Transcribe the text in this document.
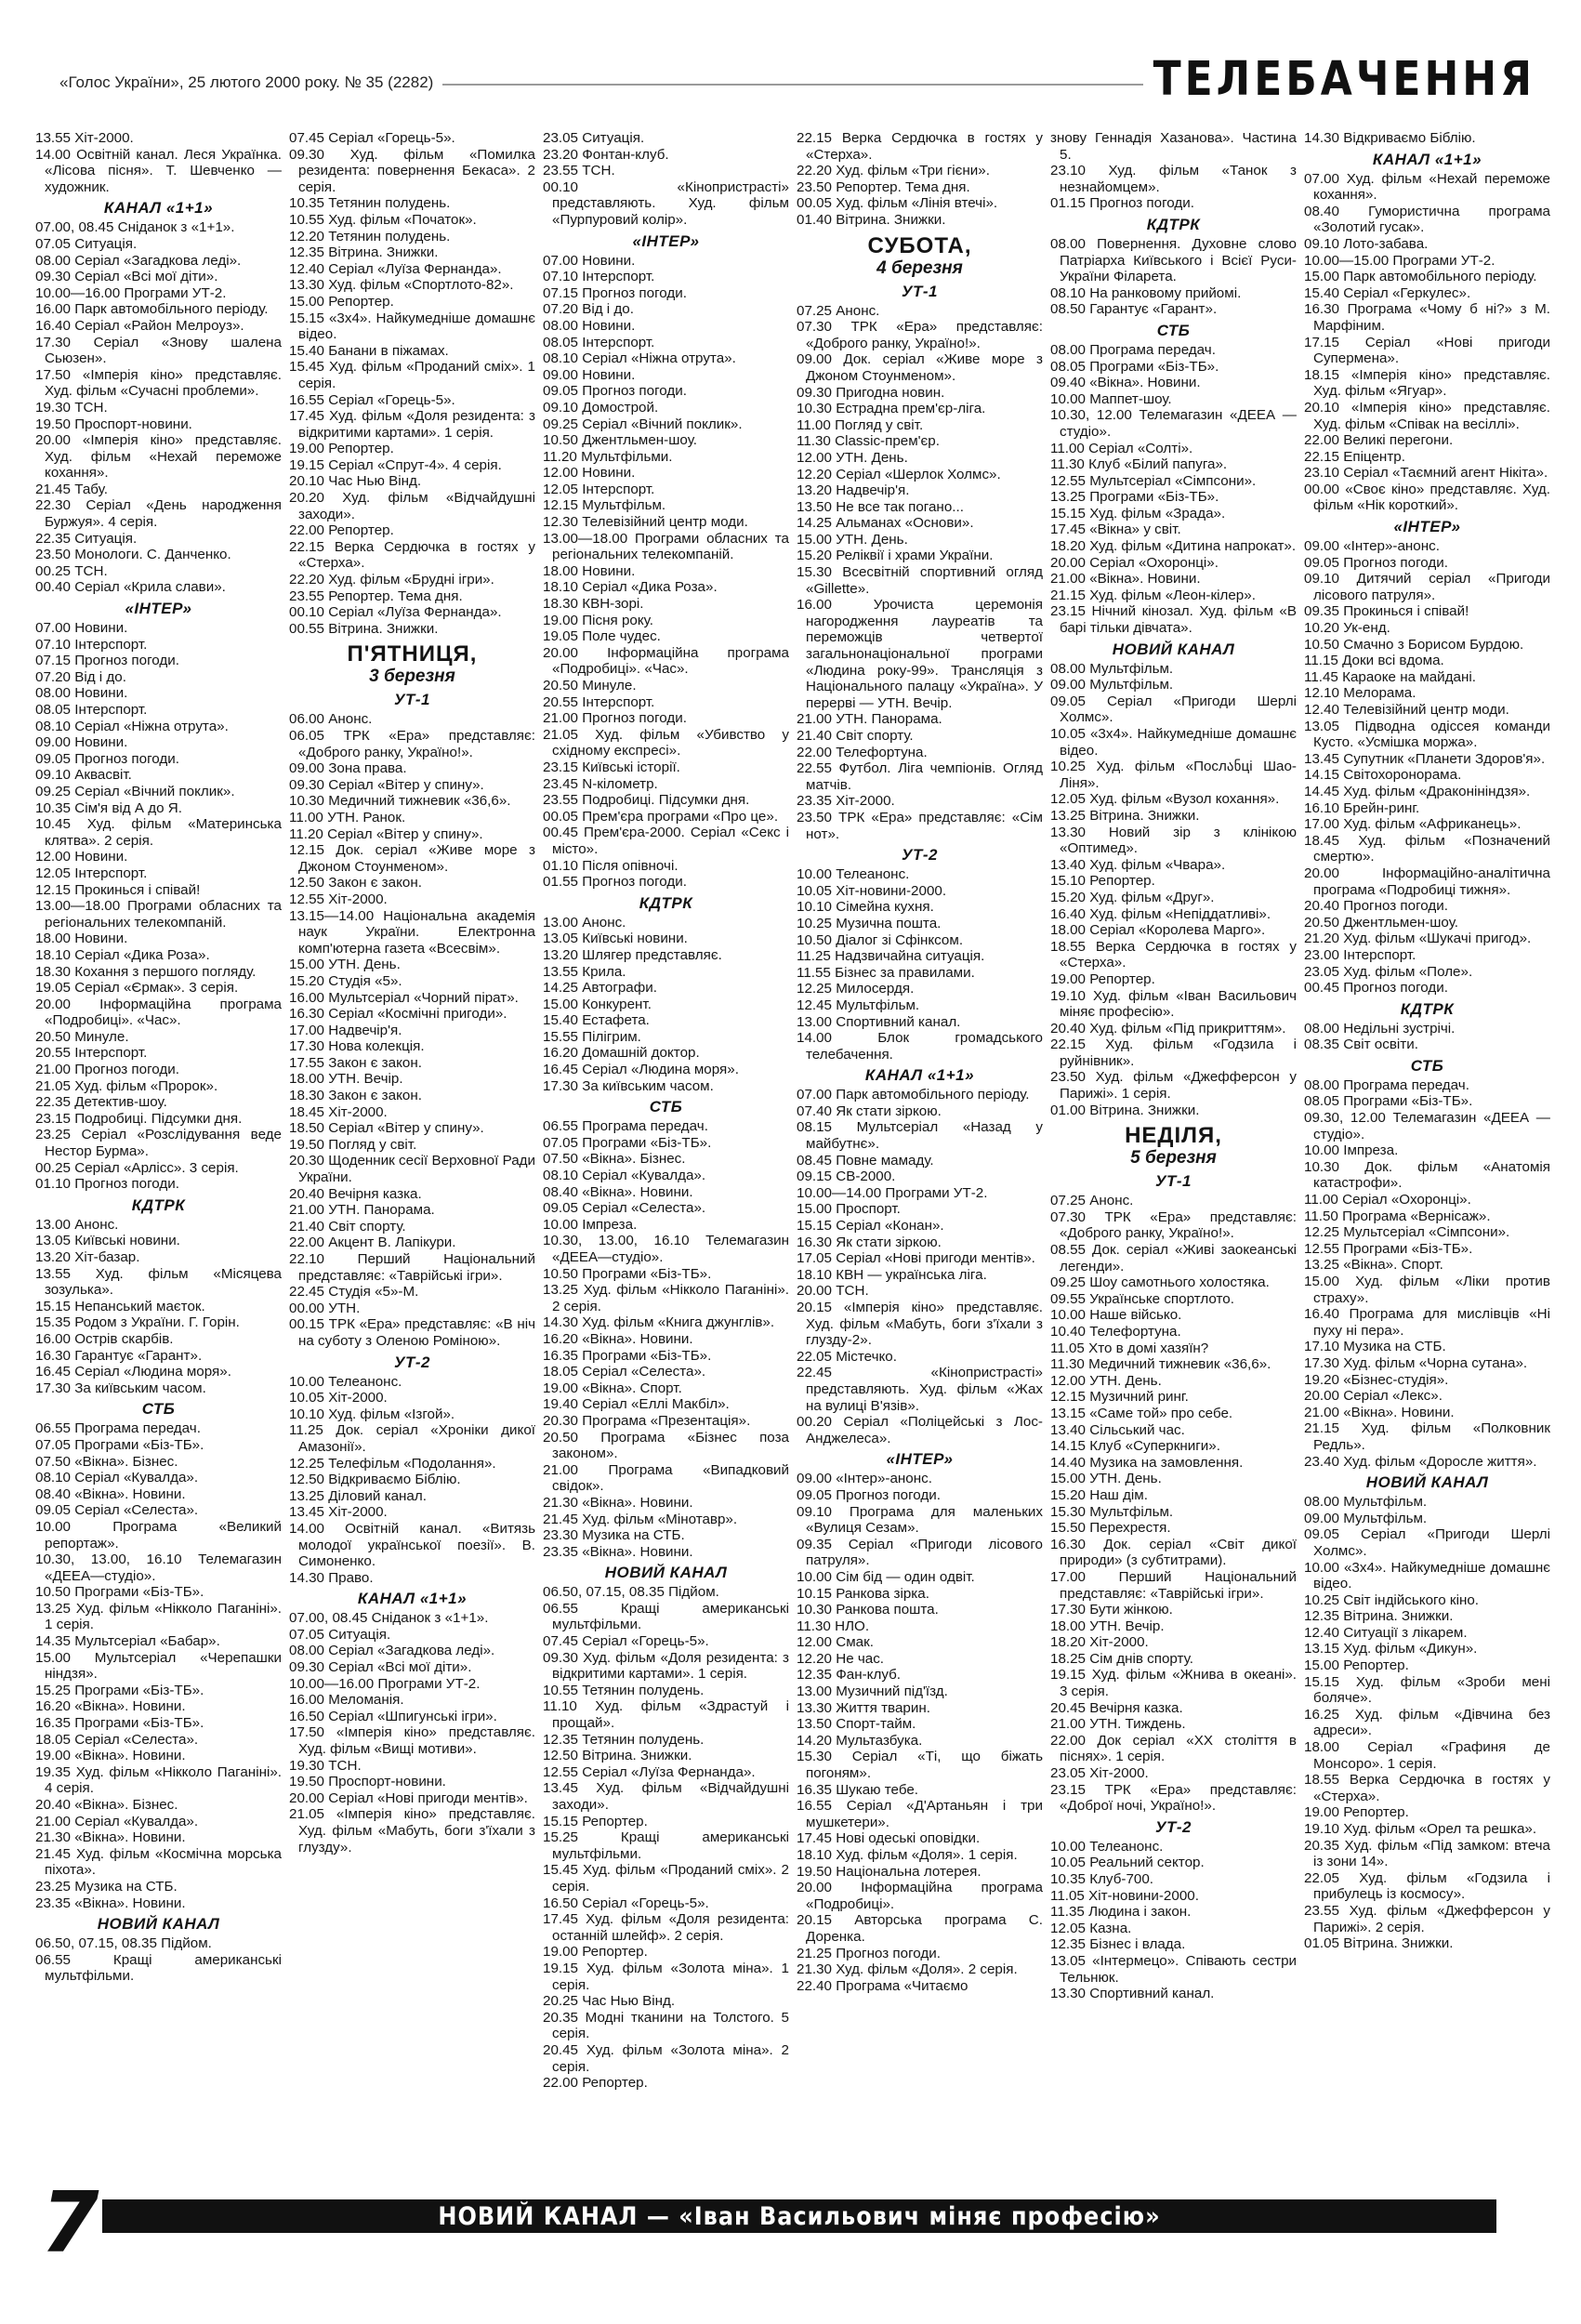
«Голос України», 25 лютого 2000 року. № 35 (2282)	ТЕЛЕБАЧЕННЯ
13.55 Хіт-2000.
14.00 Освітній канал. Леся Українка. «Лісова пісня». Т. Шевченко — художник.
КАНАЛ «1+1»
07.00, 08.45 Сніданок з «1+1».
07.05 Ситуація.
08.00 Серіал «Загадкова леді».
09.30 Серіал «Всі мої діти».
10.00—16.00 Програми УТ-2.
16.00 Парк автомобільного періоду.
16.40 Серіал «Район Мелроуз».
17.30 Серіал «Знову шалена Сьюзен».
17.50 «Імперія кіно» представляє. Худ. фільм «Сучасні проблеми».
19.30 ТСН.
19.50 Проспорт-новини.
20.00 «Імперія кіно» представляє. Худ. фільм «Нехай переможе кохання».
21.45 Табу.
22.30 Серіал «День народження Буржуя». 4 серія.
22.35 Ситуація.
23.50 Монологи. С. Данченко.
00.25 ТСН.
00.40 Серіал «Крила слави».
«ІНТЕР»
07.00 Новини.
07.10 Інтерспорт.
07.15 Прогноз погоди.
07.20 Від і до.
08.00 Новини.
08.05 Інтерспорт.
08.10 Серіал «Ніжна отрута».
09.00 Новини.
09.05 Прогноз погоди.
09.10 Аквасвіт.
09.25 Серіал «Вічний поклик».
10.35 Сім'я від А до Я.
10.45 Худ. фільм «Материнська клятва». 2 серія.
12.00 Новини.
12.05 Інтерспорт.
12.15 Прокинься і співай!
13.00—18.00 Програми обласних та регіональних телекомпаній.
18.00 Новини.
18.10 Серіал «Дика Роза».
18.30 Кохання з першого погляду.
19.05 Серіал «Єрмак». 3 серія.
20.00 Інформаційна програма «Подробиці». «Час».
20.50 Минуле.
20.55 Інтерспорт.
21.00 Прогноз погоди.
21.05 Худ. фільм «Пророк».
22.35 Детектив-шоу.
23.15 Подробиці. Підсумки дня.
23.25 Серіал «Розслідування веде Нестор Бурма».
00.25 Серіал «Арлісс». 3 серія.
01.10 Прогноз погоди.
КДТРК
13.00 Анонс.
13.05 Київські новини.
13.20 Хіт-базар.
13.55 Худ. фільм «Місяцева зозулька».
15.15 Непанський маєток.
15.35 Родом з України. Г. Горін.
16.00 Острів скарбів.
16.30 Гарантує «Гарант».
16.45 Серіал «Людина моря».
17.30 За київським часом.
СТБ
06.55 Програма передач.
07.05 Програми «Біз-ТБ».
07.50 «Вікна». Бізнес.
08.10 Серіал «Кувалда».
08.40 «Вікна». Новини.
09.05 Серіал «Селеста».
10.00 Програма «Великий репортаж».
10.30, 13.00, 16.10 Телемагазин «ДЕЕА—студіо».
10.50 Програми «Біз-ТБ».
13.25 Худ. фільм «Нікколо Паганіні». 1 серія.
14.35 Мультсеріал «Бабар».
15.00 Мультсеріал «Черепашки ніндзя».
15.25 Програми «Біз-ТБ».
16.20 «Вікна». Новини.
16.35 Програми «Біз-ТБ».
18.05 Серіал «Селеста».
19.00 «Вікна». Новини.
19.35 Худ. фільм «Нікколо Паганіні». 4 серія.
20.40 «Вікна». Бізнес.
21.00 Серіал «Кувалда».
21.30 «Вікна». Новини.
21.45 Худ. фільм «Космічна морська піхота».
23.25 Музика на СТБ.
23.35 «Вікна». Новини.
НОВИЙ КАНАЛ
06.50, 07.15, 08.35 Підйом.
06.55 Кращі американські мультфільми.
07.45 Серіал «Горець-5».
09.30 Худ. фільм «Помилка резидента: повернення Бекаса». 2 серія.
10.35 Тетянин полудень.
10.55 Худ. фільм «Початок».
12.20 Тетянин полудень.
12.35 Вітрина. Знижки.
12.40 Серіал «Луїза Фернанда».
13.30 Худ. фільм «Спортлото-82».
15.00 Репортер.
15.15 «3х4». Найкумедніше домашнє відео.
15.40 Банани в піжамах.
15.45 Худ. фільм «Проданий сміх». 1 серія.
16.55 Серіал «Горець-5».
17.45 Худ. фільм «Доля резидента: з відкритими картами». 1 серія.
19.00 Репортер.
19.15 Серіал «Спрут-4». 4 серія.
20.10 Час Нью Вінд.
20.20 Худ. фільм «Відчайдушні заходи».
22.00 Репортер.
22.15 Верка Сердючка в гостях у «Стерха».
22.20 Худ. фільм «Брудні ігри».
23.55 Репортер. Тема дня.
00.10 Серіал «Луїза Фернанда».
00.55 Вітрина. Знижки.
П'ЯТНИЦЯ,
3 березня
УТ-1
06.00 Анонс.
06.05 ТРК «Ера» представляє: «Доброго ранку, Україно!».
09.00 Зона права.
09.30 Серіал «Вітер у спину».
10.30 Медичний тижневик «36,6».
11.00 УТН. Ранок.
11.20 Серіал «Вітер у спину».
12.15 Док. серіал «Живе море з Джоном Стоунменом».
12.50 Закон є закон.
12.55 Хіт-2000.
13.15—14.00 Національна академія наук України. Електронна комп'ютерна газета «Всесвім».
15.00 УТН. День.
15.20 Студія «5».
16.00 Мультсеріал «Чорний пірат».
16.30 Серіал «Космічні пригоди».
17.00 Надвечір'я.
17.30 Нова колекція.
17.55 Закон є закон.
18.00 УТН. Вечір.
18.30 Закон є закон.
18.45 Хіт-2000.
18.50 Серіал «Вітер у спину».
19.50 Погляд у світ.
20.30 Щоденник сесії Верховної Ради України.
20.40 Вечірня казка.
21.00 УТН. Панорама.
21.40 Світ спорту.
22.00 Акцент В. Лапікури.
22.10 Перший Національний представляє: «Таврійські ігри».
22.45 Студія «5»-М.
00.00 УТН.
00.15 ТРК «Ера» представляє: «В ніч на суботу з Оленою Роміною».
УТ-2
10.00 Телеанонс.
10.05 Хіт-2000.
10.10 Худ. фільм «Ізгой».
11.25 Док. серіал «Хроніки дикої Амазонії».
12.25 Телефільм «Подолання».
12.50 Відкриваємо Біблію.
13.25 Діловий канал.
13.45 Хіт-2000.
14.00 Освітній канал. «Витязь молодої української поезії». В. Симоненко.
14.30 Право.
КАНАЛ «1+1»
07.00, 08.45 Сніданок з «1+1».
07.05 Ситуація.
08.00 Серіал «Загадкова леді».
09.30 Серіал «Всі мої діти».
10.00—16.00 Програми УТ-2.
16.00 Меломанія.
16.50 Серіал «Шпигунські ігри».
17.50 «Імперія кіно» представляє. Худ. фільм «Вищі мотиви».
19.30 ТСН.
19.50 Проспорт-новини.
20.00 Серіал «Нові пригоди ментів».
21.05 «Імперія кіно» представляє. Худ. фільм «Мабуть, боги з'їхали з глузду».
23.05 Ситуація.
23.20 Фонтан-клуб.
23.55 ТСН.
00.10 «Кінопристрасті» представляють. Худ. фільм «Пурпуровий колір».
«ІНТЕР»
07.00 Новини.
07.10 Інтерспорт.
07.15 Прогноз погоди.
07.20 Від і до.
08.00 Новини.
08.05 Інтерспорт.
08.10 Серіал «Ніжна отрута».
09.00 Новини.
09.05 Прогноз погоди.
09.10 Домострой.
09.25 Серіал «Вічний поклик».
10.50 Джентльмен-шоу.
11.20 Мультфільми.
12.00 Новини.
12.05 Інтерспорт.
12.15 Мультфільм.
12.30 Телевізійний центр моди.
13.00—18.00 Програми обласних та регіональних телекомпаній.
18.00 Новини.
18.10 Серіал «Дика Роза».
18.30 КВН-зорі.
19.00 Пісня року.
19.05 Поле чудес.
20.00 Інформаційна програма «Подробиці». «Час».
20.50 Минуле.
20.55 Інтерспорт.
21.00 Прогноз погоди.
21.05 Худ. фільм «Убивство у східному експресі».
23.15 Київські історії.
23.45 N-кілометр.
23.55 Подробиці. Підсумки дня.
00.05 Прем'єра програми «Про це».
00.45 Прем'єра-2000. Серіал «Секс і місто».
01.10 Після опівночі.
01.55 Прогноз погоди.
КДТРК
13.00 Анонс.
13.05 Київські новини.
13.20 Шлягер представляє.
13.55 Крила.
14.25 Автографи.
15.00 Конкурент.
15.40 Естафета.
15.55 Пілігрим.
16.20 Домашній доктор.
16.45 Серіал «Людина моря».
17.30 За київським часом.
СТБ
06.55 Програма передач.
07.05 Програми «Біз-ТБ».
07.50 «Вікна». Бізнес.
08.10 Серіал «Кувалда».
08.40 «Вікна». Новини.
09.05 Серіал «Селеста».
10.00 Імпреза.
10.30, 13.00, 16.10 Телемагазин «ДЕЕА—студіо».
10.50 Програми «Біз-ТБ».
13.25 Худ. фільм «Нікколо Паганіні». 2 серія.
14.30 Худ. фільм «Книга джунглів».
16.20 «Вікна». Новини.
16.35 Програми «Біз-ТБ».
18.05 Серіал «Селеста».
19.00 «Вікна». Спорт.
19.40 Серіал «Еллі Макбіл».
20.30 Програма «Презентація».
20.50 Програма «Бізнес поза законом».
21.00 Програма «Випадковий свідок».
21.30 «Вікна». Новини.
21.45 Худ. фільм «Мінотавр».
23.30 Музика на СТБ.
23.35 «Вікна». Новини.
НОВИЙ КАНАЛ
06.50, 07.15, 08.35 Підйом.
06.55 Кращі американські мультфільми.
07.45 Серіал «Горець-5».
09.30 Худ. фільм «Доля резидента: з відкритими картами». 1 серія.
10.55 Тетянин полудень.
11.10 Худ. фільм «Здрастуй і прощай».
12.35 Тетянин полудень.
12.50 Вітрина. Знижки.
12.55 Серіал «Луїза Фернанда».
13.45 Худ. фільм «Відчайдушні заходи».
15.15 Репортер.
15.25 Кращі американські мультфільми.
15.45 Худ. фільм «Проданий сміх». 2 серія.
16.50 Серіал «Горець-5».
17.45 Худ. фільм «Доля резидента: останній шлейф». 2 серія.
19.00 Репортер.
19.15 Худ. фільм «Золота міна». 1 серія.
20.25 Час Нью Вінд.
20.35 Модні тканини на Толстого. 5 серія.
20.45 Худ. фільм «Золота міна». 2 серія.
22.00 Репортер.
22.15 Верка Сердючка в гостях у «Стерха».
22.20 Худ. фільм «Три гієни».
23.50 Репортер. Тема дня.
00.05 Худ. фільм «Лінія втечі».
01.40 Вітрина. Знижки.
СУБОТА,
4 березня
УТ-1
07.25 Анонс.
07.30 ТРК «Ера» представляє: «Доброго ранку, Україно!».
09.00 Док. серіал «Живе море з Джоном Стоунменом».
09.30 Пригодна новин.
10.30 Естрадна прем'єр-ліга.
11.00 Погляд у світ.
11.30 Classic-прем'єр.
12.00 УТН. День.
12.20 Серіал «Шерлок Холмс».
13.20 Надвечір'я.
13.50 Не все так погано...
14.25 Альманах «Основи».
15.00 УТН. День.
15.20 Реліквії і храми України.
15.30 Всесвітній спортивний огляд «Gillette».
16.00 Урочиста церемонія нагородження лауреатів та переможців четвертої загальнонаціональної програми «Людина року-99». Трансляція з Національного палацу «Україна». У перерві — УТН. Вечір.
21.00 УТН. Панорама.
21.40 Світ спорту.
22.00 Телефортуна.
22.55 Футбол. Ліга чемпіонів. Огляд матчів.
23.35 Хіт-2000.
23.50 ТРК «Ера» представляє: «Сім нот».
УТ-2
10.00 Телеанонс.
10.05 Хіт-новини-2000.
10.10 Сімейна кухня.
10.25 Музична пошта.
10.50 Діалог зі Сфінксом.
11.25 Надзвичайна ситуація.
11.55 Бізнес за правилами.
12.25 Милосердя.
12.45 Мультфільм.
13.00 Спортивний канал.
14.00 Блок громадського телебачення.
КАНАЛ «1+1»
07.00 Парк автомобільного періоду.
07.40 Як стати зіркою.
08.15 Мультсеріал «Назад у майбутнє».
08.45 Повне мамаду.
09.15 СВ-2000.
10.00—14.00 Програми УТ-2.
15.00 Проспорт.
15.15 Серіал «Конан».
16.30 Як стати зіркою.
17.05 Серіал «Нові пригоди ментів».
18.10 КВН — українська ліга.
20.00 ТСН.
20.15 «Імперія кіно» представляє. Худ. фільм «Мабуть, боги з'їхали з глузду-2».
22.05 Містечко.
22.45 «Кінопристрасті» представляють. Худ. фільм «Жах на вулиці В'язів».
00.20 Серіал «Поліцейські з Лос-Анджелеса».
«ІНТЕР»
09.00 «Інтер»-анонс.
09.05 Прогноз погоди.
09.10 Програма для маленьких «Вулиця Сезам».
09.35 Серіал «Пригоди лісового патруля».
10.00 Сім бід — один одвіт.
10.15 Ранкова зірка.
10.30 Ранкова пошта.
11.30 НЛО.
12.00 Смак.
12.20 Не час.
12.35 Фан-клуб.
13.00 Музичний під'їзд.
13.30 Життя тварин.
13.50 Спорт-тайм.
14.20 Мультазбука.
15.30 Серіал «Ті, що біжать погоням».
16.35 Шукаю тебе.
16.55 Серіал «Д'Артаньян і три мушкетери».
17.45 Нові одеські оповідки.
18.10 Худ. фільм «Доля». 1 серія.
19.50 Національна лотерея.
20.00 Інформаційна програма «Подробиці».
20.15 Авторська програма С. Доренка.
21.25 Прогноз погоди.
21.30 Худ. фільм «Доля». 2 серія.
22.40 Програма «Читаємо
знову Геннадія Хазанова». Частина 5.
23.10 Худ. фільм «Танок з незнайомцем».
01.15 Прогноз погоди.
КДТРК
08.00 Повернення. Духовне слово Патріарха Київського і Всієї Руси-України Філарета.
08.10 На ранковому прийомі.
08.50 Гарантує «Гарант».
СТБ
08.00 Програма передач.
08.05 Програми «Біз-ТБ».
09.40 «Вікна». Новини.
10.00 Маппет-шоу.
10.30, 12.00 Телемагазин «ДЕЕА — студіо».
11.00 Серіал «Солті».
11.30 Клуб «Білий папуга».
12.55 Мультсеріал «Сімпсони».
13.25 Програми «Біз-ТБ».
15.15 Худ. фільм «Зрада».
17.45 «Вікна» у світ.
18.20 Худ. фільм «Дитина напрокат».
20.00 Серіал «Охоронці».
21.00 «Вікна». Новини.
21.15 Худ. фільм «Леон-кілер».
23.15 Нічний кінозал. Худ. фільм «В барі тільки дівчата».
НОВИЙ КАНАЛ
08.00 Мультфільм.
09.00 Мультфільм.
09.05 Серіал «Пригоди Шерлі Холмс».
10.05 «3х4». Найкумедніше домашнє відео.
10.25 Худ. фільм «Послანці Шао-Ліня».
12.05 Худ. фільм «Вузол кохання».
13.25 Вітрина. Знижки.
13.30 Новий зір з клінікою «Оптимед».
13.40 Худ. фільм «Чвара».
15.10 Репортер.
15.20 Худ. фільм «Друг».
16.40 Худ. фільм «Непіддатливі».
18.00 Серіал «Королева Марго».
18.55 Верка Сердючка в гостях у «Стерха».
19.00 Репортер.
19.10 Худ. фільм «Іван Васильович міняє професію».
20.40 Худ. фільм «Під прикриттям».
22.15 Худ. фільм «Годзила і руйнівник».
23.50 Худ. фільм «Джефферсон у Парижі». 1 серія.
01.00 Вітрина. Знижки.
НЕДІЛЯ,
5 березня
УТ-1
07.25 Анонс.
07.30 ТРК «Ера» представляє: «Доброго ранку, Україно!».
08.55 Док. серіал «Живі заокеанські легенди».
09.25 Шоу самотнього холостяка.
09.55 Українське спортлото.
10.00 Наше військо.
10.40 Телефортуна.
11.05 Хто в домі хазяїн?
11.30 Медичний тижневик «36,6».
12.00 УТН. День.
12.15 Музичний ринг.
13.15 «Саме той» про себе.
13.40 Сільський час.
14.15 Клуб «Суперкниги».
14.40 Музика на замовлення.
15.00 УТН. День.
15.20 Наш дім.
15.30 Мультфільм.
15.50 Перехрестя.
16.30 Док. серіал «Світ дикої природи» (з субтитрами).
17.00 Перший Національний представляє: «Таврійські ігри».
17.30 Бути жінкою.
18.00 УТН. Вечір.
18.20 Хіт-2000.
18.25 Сім днів спорту.
19.15 Худ. фільм «Жнива в океані». 3 серія.
20.45 Вечірня казка.
21.00 УТН. Тиждень.
22.00 Док серіал «ХХ століття в піснях». 1 серія.
23.05 Хіт-2000.
23.15 ТРК «Ера» представляє: «Доброї ночі, Україно!».
УТ-2
10.00 Телеанонс.
10.05 Реальний сектор.
10.35 Клуб-700.
11.05 Хіт-новини-2000.
11.35 Людина і закон.
12.05 Казна.
12.35 Бізнес і влада.
13.05 «Інтермецо». Співають сестри Тельнюк.
13.30 Спортивний канал.
14.30 Відкриваємо Біблію.
КАНАЛ «1+1»
07.00 Худ. фільм «Нехай переможе кохання».
08.40 Гумористична програма «Золотий гусак».
09.10 Лото-забава.
10.00—15.00 Програми УТ-2.
15.00 Парк автомобільного періоду.
15.40 Серіал «Геркулес».
16.30 Програма «Чому б ні?» з М. Марфіним.
17.15 Серіал «Нові пригоди Супермена».
18.15 «Імперія кіно» представляє. Худ. фільм «Ягуар».
20.10 «Імперія кіно» представляє. Худ. фільм «Співак на весіллі».
22.00 Великі перегони.
22.15 Епіцентр.
23.10 Серіал «Таємний агент Нікіта».
00.00 «Своє кіно» представляє. Худ. фільм «Нік короткий».
«ІНТЕР»
09.00 «Інтер»-анонс.
09.05 Прогноз погоди.
09.10 Дитячий серіал «Пригоди лісового патруля».
09.35 Прокинься і співай!
10.20 Ук-енд.
10.50 Смачно з Борисом Бурдою.
11.15 Доки всі вдома.
11.45 Караоке на майдані.
12.10 Мелорама.
12.40 Телевізійний центр моди.
13.05 Підводна одіссея команди Кусто. «Усмішка моржа».
13.45 Супутник «Планети Здоров'я».
14.15 Світохоронорама.
14.45 Худ. фільм «Драконініндзя».
16.10 Брейн-ринг.
17.00 Худ. фільм «Африканець».
18.45 Худ. фільм «Позначений смертю».
20.00 Інформаційно-аналітична програма «Подробиці тижня».
20.40 Прогноз погоди.
20.50 Джентльмен-шоу.
21.20 Худ. фільм «Шукачі пригод».
23.00 Інтерспорт.
23.05 Худ. фільм «Поле».
00.45 Прогноз погоди.
КДТРК
08.00 Недільні зустрічі.
08.35 Світ освіти.
СТБ
08.00 Програма передач.
08.05 Програми «Біз-ТБ».
09.30, 12.00 Телемагазин «ДЕЕА — студіо».
10.00 Імпреза.
10.30 Док. фільм «Анатомія катастрофи».
11.00 Серіал «Охоронці».
11.50 Програма «Вернісаж».
12.25 Мультсеріал «Сімпсони».
12.55 Програми «Біз-ТБ».
13.25 «Вікна». Спорт.
15.00 Худ. фільм «Ліки против страху».
16.40 Програма для мислівців «Ні пуху ні пера».
17.10 Музика на СТБ.
17.30 Худ. фільм «Чорна сутана».
19.20 «Бізнес-студія».
20.00 Серіал «Лекс».
21.00 «Вікна». Новини.
21.15 Худ. фільм «Полковник Редль».
23.40 Худ. фільм «Доросле життя».
НОВИЙ КАНАЛ
08.00 Мультфільм.
09.00 Мультфільм.
09.05 Серіал «Пригоди Шерлі Холмс».
10.00 «3х4». Найкумедніше домашнє відео.
10.25 Світ індійського кіно.
12.35 Вітрина. Знижки.
12.40 Ситуації з лікарем.
13.15 Худ. фільм «Дикун».
15.00 Репортер.
15.15 Худ. фільм «Зроби мені боляче».
16.25 Худ. фільм «Дівчина без адреси».
18.00 Серіал «Графиня де Монсоро». 1 серія.
18.55 Верка Сердючка в гостях у «Стерха».
19.00 Репортер.
19.10 Худ. фільм «Орел та решка».
20.35 Худ. фільм «Під замком: втеча із зони 14».
22.05 Худ. фільм «Годзила і прибулець із космосу».
23.55 Худ. фільм «Джефферсон у Парижі». 2 серія.
01.05 Вітрина. Знижки.
7	НОВИЙ КАНАЛ — «Іван Васильович міняє професію»
